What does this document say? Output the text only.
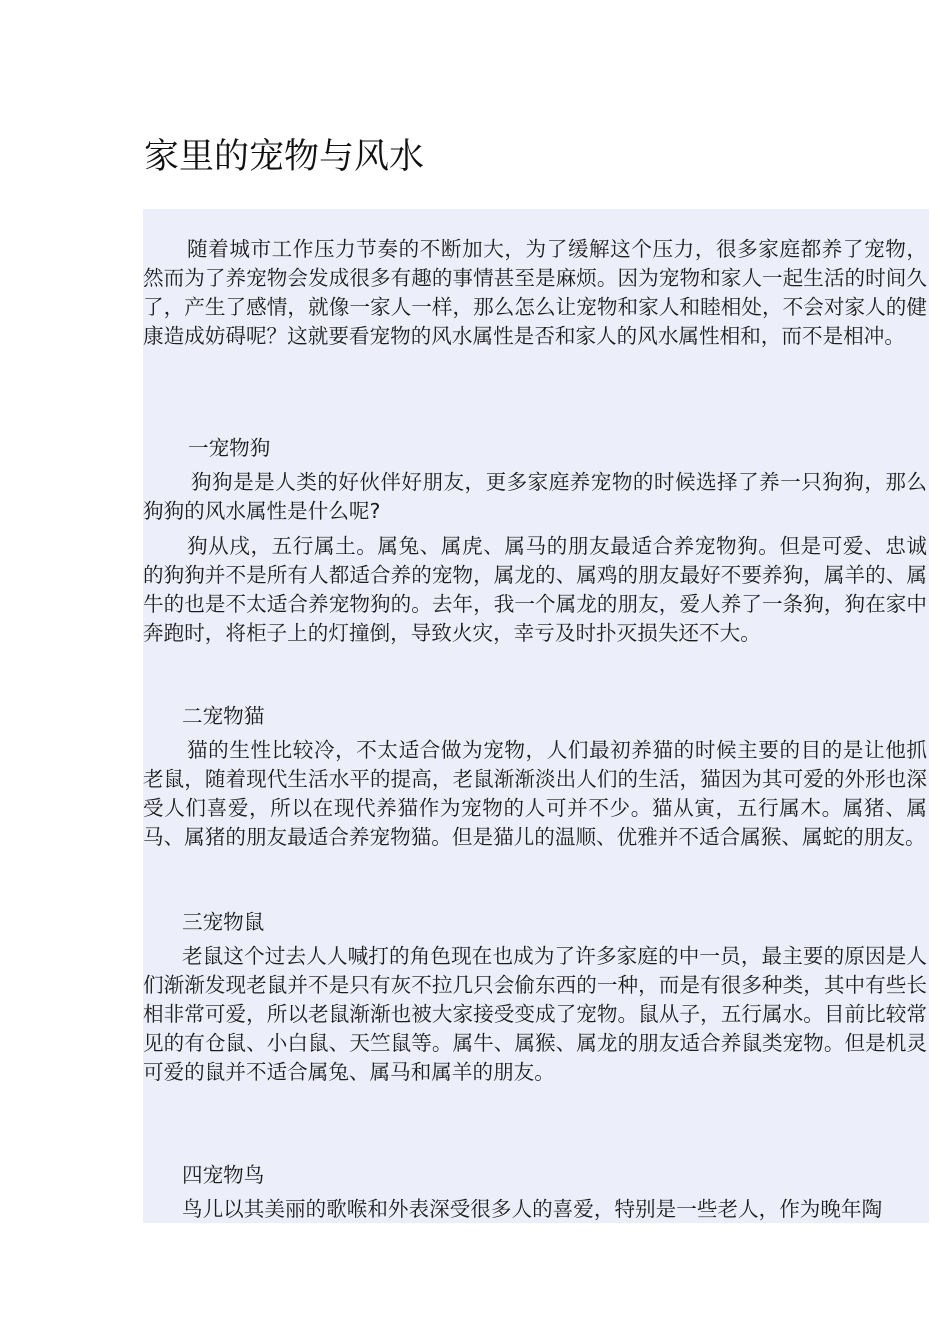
家里的宠物与风水

随着城市工作压力节奏的不断加大，为了缓解这个压力，很多家庭都养了宠物，然而为了养宠物会发成很多有趣的事情甚至是麻烦。因为宠物和家人一起生活的时间久了，产生了感情，就像一家人一样，那么怎么让宠物和家人和睦相处，不会对家人的健康造成妨碍呢？这就要看宠物的风水属性是否和家人的风水属性相和，而不是相冲。

一宠物狗

狗狗是是人类的好伙伴好朋友，更多家庭养宠物的时候选择了养一只狗狗，那么狗狗的风水属性是什么呢?

狗从戌，五行属土。属兔、属虎、属马的朋友最适合养宠物狗。但是可爱、忠诚的狗狗并不是所有人都适合养的宠物，属龙的、属鸡的朋友最好不要养狗，属羊的、属牛的也是不太适合养宠物狗的。去年，我一个属龙的朋友，爱人养了一条狗，狗在家中奔跑时，将柜子上的灯撞倒，导致火灾，幸亏及时扑灭损失还不大。

二宠物猫

猫的生性比较冷，不太适合做为宠物，人们最初养猫的时候主要的目的是让他抓老鼠，随着现代生活水平的提高，老鼠渐渐淡出人们的生活，猫因为其可爱的外形也深受人们喜爱，所以在现代养猫作为宠物的人可并不少。猫从寅，五行属木。属猪、属马、属猪的朋友最适合养宠物猫。但是猫儿的温顺、优雅并不适合属猴、属蛇的朋友。

三宠物鼠

老鼠这个过去人人喊打的角色现在也成为了许多家庭的中一员，最主要的原因是人们渐渐发现老鼠并不是只有灰不拉几只会偷东西的一种，而是有很多种类，其中有些长相非常可爱，所以老鼠渐渐也被大家接受变成了宠物。鼠从子，五行属水。目前比较常见的有仓鼠、小白鼠、天竺鼠等。属牛、属猴、属龙的朋友适合养鼠类宠物。但是机灵可爱的鼠并不适合属兔、属马和属羊的朋友。

四宠物鸟

鸟儿以其美丽的歌喉和外表深受很多人的喜爱，特别是一些老人，作为晚年陶
